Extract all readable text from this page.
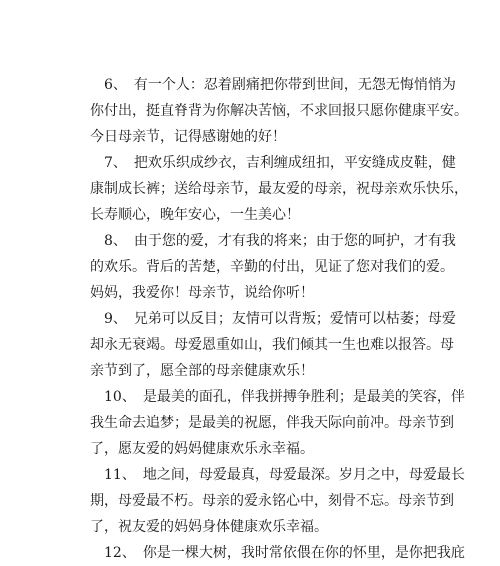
6、　有一个人：忍着剧痛把你带到世间，无怨无悔悄悄为
你付出，挺直脊背为你解决苦恼，不求回报只愿你健康平安。
今日母亲节，记得感谢她的好！
7、　把欢乐织成纱衣，吉利缠成纽扣，平安缝成皮鞋，健
康制成长裤；送给母亲节，最友爱的母亲，祝母亲欢乐快乐，
长寿顺心，晚年安心，一生美心！
8、　由于您的爱，才有我的将来；由于您的呵护，才有我
的欢乐。背后的苦楚，辛勤的付出，见证了您对我们的爱。
妈妈，我爱你！母亲节，说给你听！
9、　兄弟可以反目；友情可以背叛；爱情可以枯萎；母爱
却永无衰竭。母爱恩重如山，我们倾其一生也难以报答。母
亲节到了，愿全部的母亲健康欢乐！
10、　是最美的面孔，伴我拼搏争胜利；是最美的笑容，伴
我生命去追梦；是最美的祝愿，伴我天际向前冲。母亲节到
了，愿友爱的妈妈健康欢乐永幸福。
11、　地之间，母爱最真，母爱最深。岁月之中，母爱最长
期，母爱最不朽。母亲的爱永铭心中，刻骨不忘。母亲节到
了，祝友爱的妈妈身体健康欢乐幸福。
12、　你是一棵大树，我时常依偎在你的怀里，是你把我庇
